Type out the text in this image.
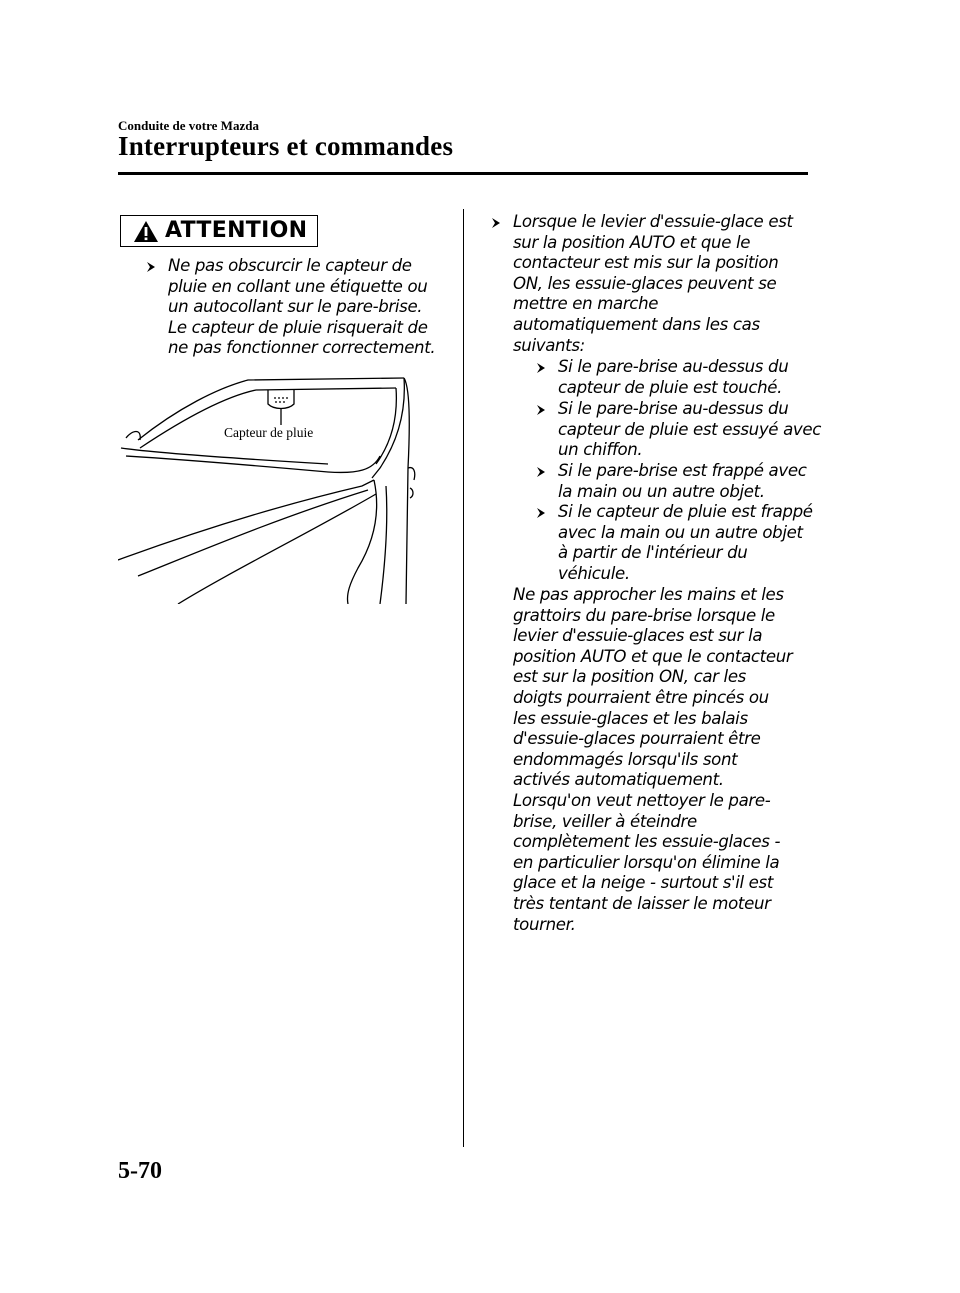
Conduite de votre Mazda
Interrupteurs et commandes
ATTENTION
Ne pas obscurcir le capteur de
pluie en collant une étiquette ou
un autocollant sur le pare-brise.
Le capteur de pluie risquerait de
ne pas fonctionner correctement.
Capteur de pluie
Lorsque le levier d'essuie-glace est
sur la position AUTO et que le
contacteur est mis sur la position
ON, les essuie-glaces peuvent se
mettre en marche
automatiquement dans les cas
suivants:
Si le pare-brise au-dessus du
capteur de pluie est touché.
Si le pare-brise au-dessus du
capteur de pluie est essuyé avec
un chiffon.
Si le pare-brise est frappé avec
la main ou un autre objet.
Si le capteur de pluie est frappé
avec la main ou un autre objet
à partir de l'intérieur du
véhicule.
Ne pas approcher les mains et les
grattoirs du pare-brise lorsque le
levier d'essuie-glaces est sur la
position AUTO et que le contacteur
est sur la position ON, car les
doigts pourraient être pincés ou
les essuie-glaces et les balais
d'essuie-glaces pourraient être
endommagés lorsqu'ils sont
activés automatiquement.
Lorsqu'on veut nettoyer le pare-
brise, veiller à éteindre
complètement les essuie-glaces -
en particulier lorsqu'on élimine la
glace et la neige - surtout s'il est
très tentant de laisser le moteur
tourner.
5-70
